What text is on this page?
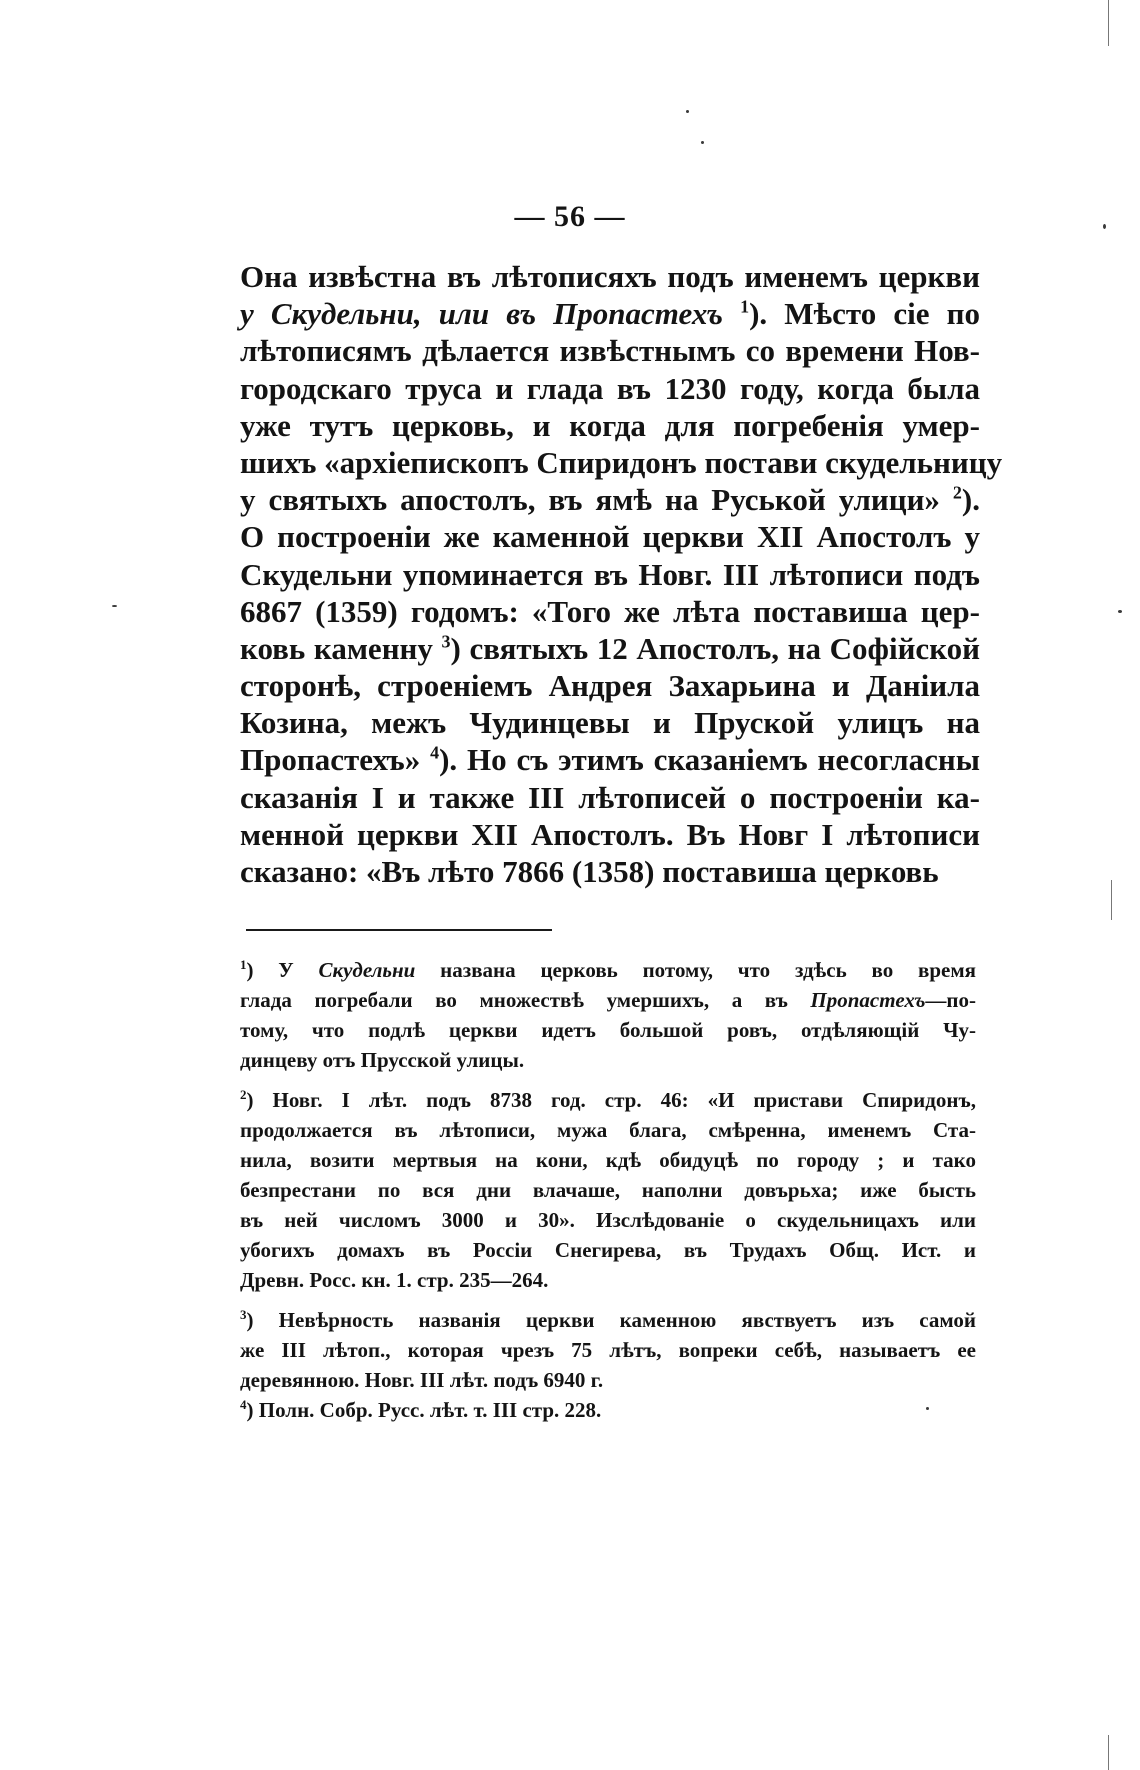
— 56 —
Она извѣстна въ лѣтописяхъ подъ именемъ церкви
у Скудельни, или въ Пропастехъ $^1$). Мѣсто сiе по
лѣтописямъ дѣлается извѣстнымъ со времени Нов-
городскаго труса и глада въ 1230 году, когда была
уже тутъ церковь, и когда для погребенiя умер-
шихъ «архiепископъ Спиридонъ постави скудельницу
у святыхъ апостолъ, въ ямѣ на Руськой улици» $^2$).
О построенiи же каменной церкви XII Апостолъ у
Скудельни упоминается въ Новг. III лѣтописи подъ
6867 (1359) годомъ: «Того же лѣта поставиша цер-
ковь каменну $^3$) святыхъ 12 Апостолъ, на Софiйской
сторонѣ, строенiемъ Андрея Захарьина и Данiила
Козина, межъ Чудинцевы и Пруской улицъ на
Пропастехъ» $^4$). Но съ этимъ сказанiемъ несогласны
сказанiя I и также III лѣтописей о построенiи ка-
менной церкви XII Апостолъ. Въ Новг I лѣтописи
сказано: «Въ лѣто 7866 (1358) поставиша церковь
$^1$) У Скудельни названа церковь потому, что здѣсь во время
глада погребали во множествѣ умершихъ, а въ Пропастехъ—по-
тому, что подлѣ церкви идетъ большой ровъ, отдѣляющiй Чу-
динцеву отъ Прусской улицы.
$^2$) Новг. I лѣт. подъ 8738 год. стр. 46: «И пристави Спиридонъ,
продолжается въ лѣтописи, мужа блага, смѣренна, именемъ Ста-
нила, возити мертвыя на кони, кдѣ обидуцѣ по городу ; и тако
безпрестани по вся дни влачаше, наполни довърьха; иже бысть
въ ней числомъ 3000 и 30». Изслѣдованiе о скудельницахъ или
убогихъ домахъ въ Россiи Снегирева, въ Трудахъ Общ. Ист. и
Древн. Росс. кн. 1. стр. 235—264.
$^3$) Невѣрность названiя церкви каменною явствуетъ изъ самой
же III лѣтоп., которая чрезъ 75 лѣтъ, вопреки себѣ, называетъ ее
деревянною. Новг. III лѣт. подъ 6940 г.
$^4$) Полн. Собр. Русс. лѣт. т. III стр. 228.
